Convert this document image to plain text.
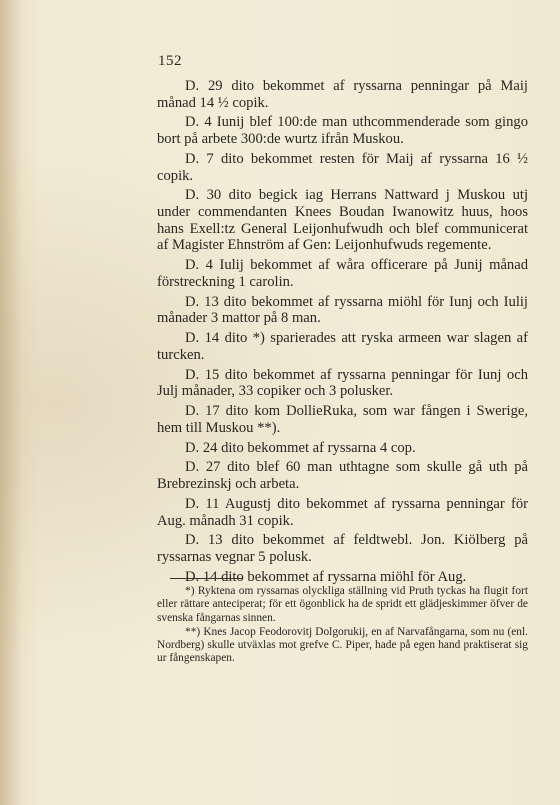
152

D. 29 dito bekommet af ryssarna penningar på Maij månad 14 ½ copik.

D. 4 Iunij blef 100:de man uthcommenderade som gingo bort på arbete 300:de wurtz ifrån Muskou.

D. 7 dito bekommet resten för Maij af ryssarna 16 ½ copik.

D. 30 dito begick iag Herrans Nattward j Muskou utj under commendanten Knees Boudan Iwanowitz huus, hoos hans Exell:tz General Leijonhufwudh och blef communicerat af Magister Ehnström af Gen: Leijonhufwuds regemente.

D. 4 Iulij bekommet af wåra officerare på Junij månad förstreckning 1 carolin.

D. 13 dito bekommet af ryssarna miöhl för Iunj och Iulij månader 3 mattor på 8 man.

D. 14 dito *) sparierades att ryska armeen war slagen af turcken.

D. 15 dito bekommet af ryssarna penningar för Iunj och Julj månader, 33 copiker och 3 polusker.

D. 17 dito kom DollieRuka, som war fången i Swerige, hem till Muskou **).

D. 24 dito bekommet af ryssarna 4 cop.

D. 27 dito blef 60 man uthtagne som skulle gå uth på Brebrezinskj och arbeta.

D. 11 Augustj dito bekommet af ryssarna penningar för Aug. månadh 31 copik.

D. 13 dito bekommet af feldtwebl. Jon. Kiölberg på ryssarnas vegnar 5 polusk.

D. 14 dito bekommet af ryssarna miöhl för Aug.

*) Ryktena om ryssarnas olyckliga ställning vid Pruth tyckas ha flugit fort eller rättare anteciperat; för ett ögonblick ha de spridt ett glädjeskimmer öfver de svenska fångarnas sinnen.

**) Knes Jacop Feodorovitj Dolgorukij, en af Narvafångarna, som nu (enl. Nordberg) skulle utväxlas mot grefve C. Piper, hade på egen hand praktiserat sig ur fångenskapen.
